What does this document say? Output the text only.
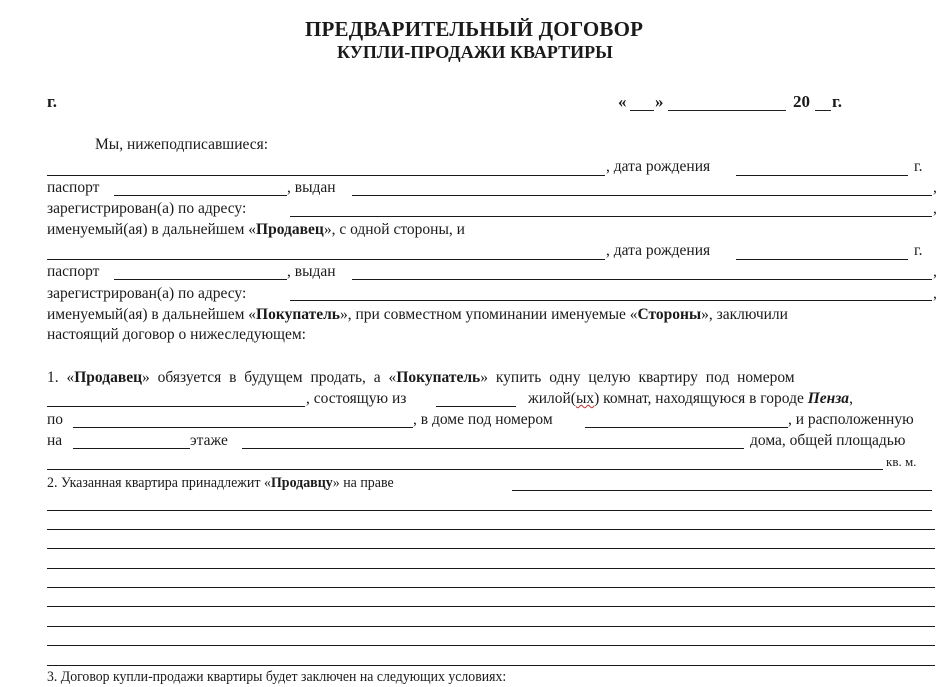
ПРЕДВАРИТЕЛЬНЫЙ ДОГОВОР
КУПЛИ-ПРОДАЖИ КВАРТИРЫ
г.	« »	20 г.
Мы, нижеподписавшиеся:
, дата рождения	г.
паспорт	, выдан	,
зарегистрирован(а) по адресу:	,
именуемый(ая) в дальнейшем «Продавец», с одной стороны, и
, дата рождения	г.
паспорт	, выдан	,
зарегистрирован(а) по адресу:	,
именуемый(ая) в дальнейшем «Покупатель», при совместном упоминании именуемые «Стороны», заключили
настоящий договор о нижеследующем:
1. «Продавец» обязуется в будущем продать, а «Покупатель» купить одну целую квартиру под номером
, состоящую из	жилой(ых) комнат, находящуюся в городе Пенза,
по	, в доме под номером	, и расположенную
на	этаже	дома, общей площадью
кв. м.
2. Указанная квартира принадлежит «Продавцу» на праве
3. Договор купли-продажи квартиры будет заключен на следующих условиях:
